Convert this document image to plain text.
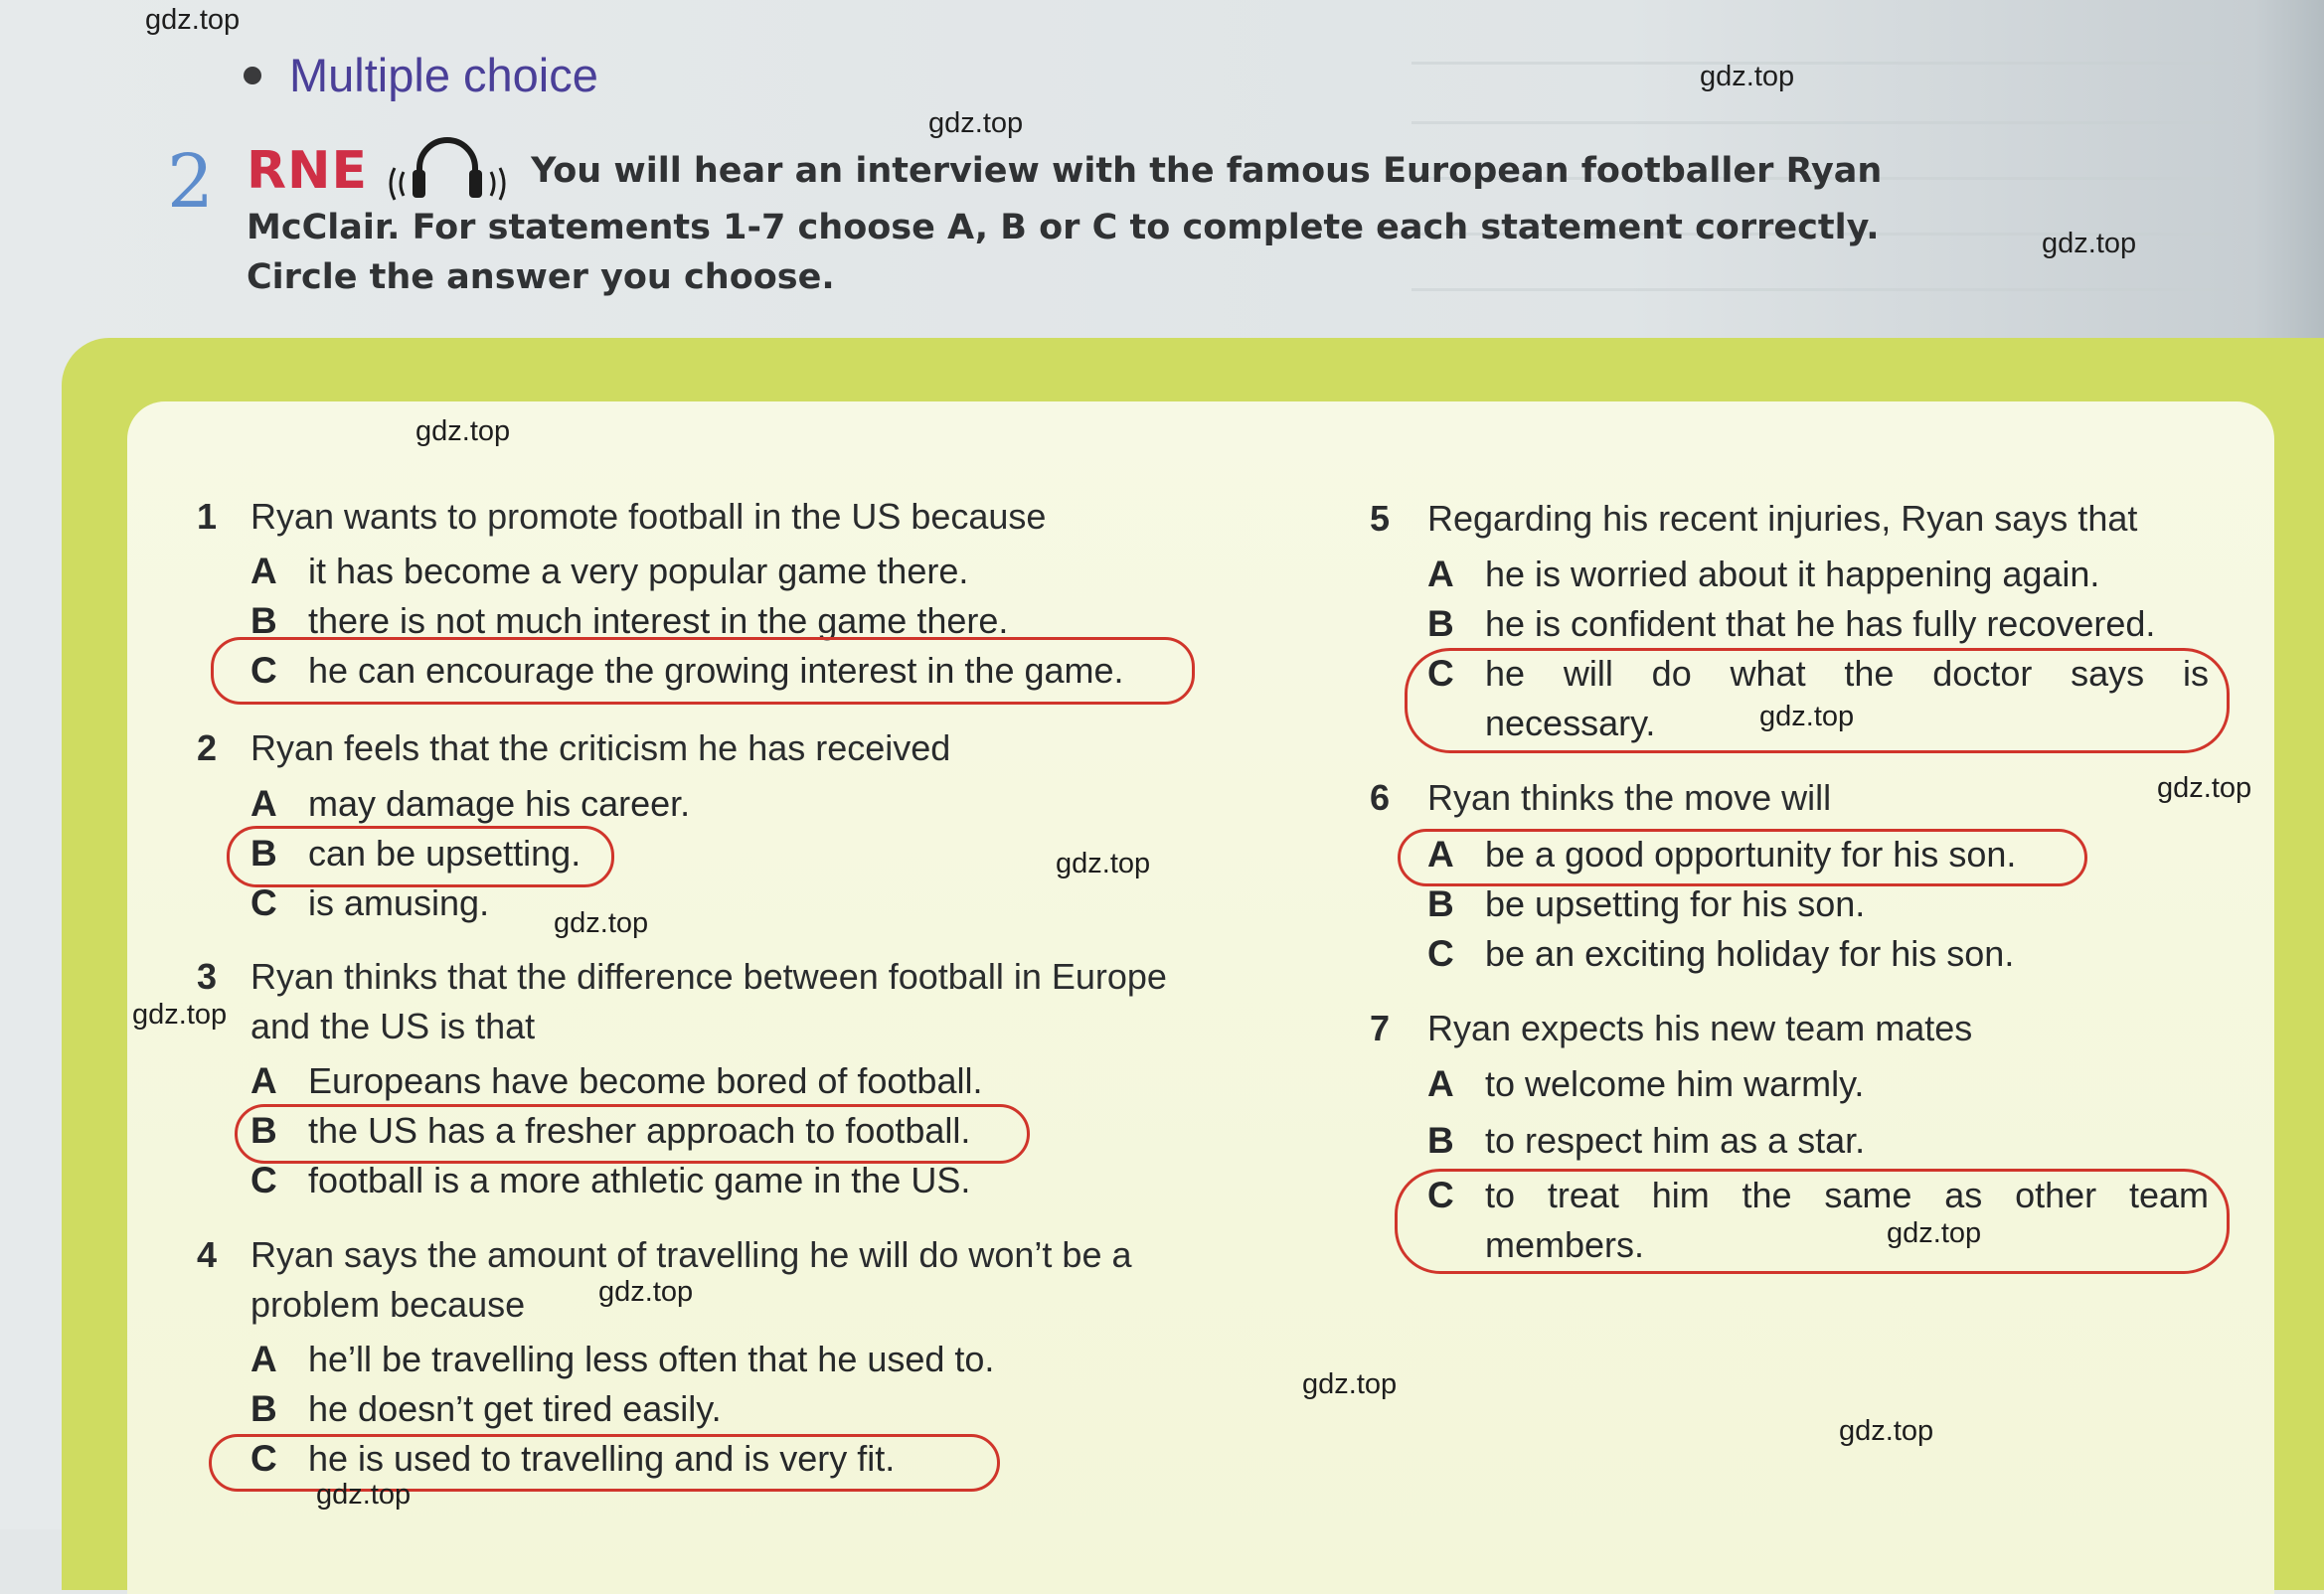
Multiple choice
2 RNE	You will hear an interview with the famous European footballer Ryan
McClair. For statements 1-7 choose A, B or C to complete each statement correctly.
Circle the answer you choose.
1 Ryan wants to promote football in the US because
A it has become a very popular game there.
B there is not much interest in the game there.
C he can encourage the growing interest in the game.
2 Ryan feels that the criticism he has received
A may damage his career.
B can be upsetting.
C is amusing.
3 Ryan thinks that the difference between football in Europe
and the US is that
A Europeans have become bored of football.
B the US has a fresher approach to football.
C football is a more athletic game in the US.
4 Ryan says the amount of travelling he will do won’t be a
problem because
A he’ll be travelling less often that he used to.
B he doesn’t get tired easily.
C he is used to travelling and is very fit.
5 Regarding his recent injuries, Ryan says that
A he is worried about it happening again.
B he is confident that he has fully recovered.
C he will do what the doctor says is
necessary.
6 Ryan thinks the move will
A be a good opportunity for his son.
B be upsetting for his son.
C be an exciting holiday for his son.
7 Ryan expects his new team mates
A to welcome him warmly.
B to respect him as a star.
C to treat him the same as other team
members.
gdz.top
gdz.top
gdz.top
gdz.top
gdz.top
gdz.top
gdz.top
gdz.top
gdz.top
gdz.top
gdz.top
gdz.top
gdz.top
gdz.top
gdz.top
